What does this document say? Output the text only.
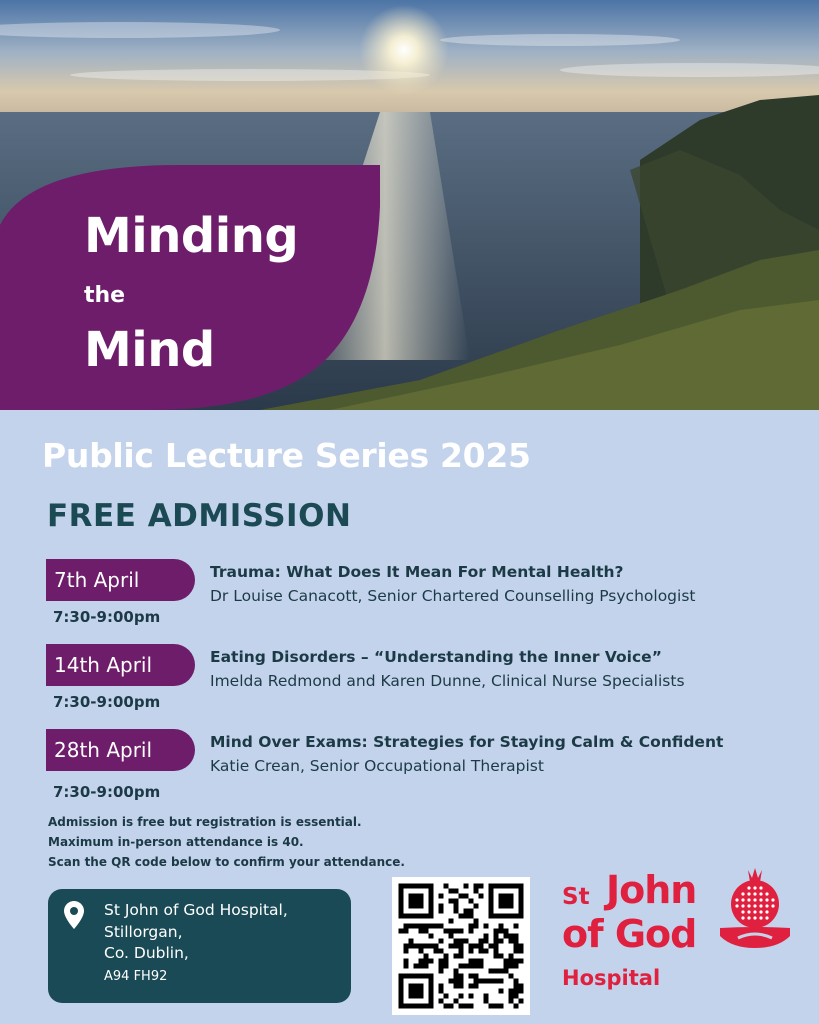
Minding
the
Mind
Public Lecture Series 2025
FREE ADMISSION
7th April
7:30-9:00pm
Trauma: What Does It Mean For Mental Health?
Dr Louise Canacott, Senior Chartered Counselling Psychologist
14th April
7:30-9:00pm
Eating Disorders – “Understanding the Inner Voice”
Imelda Redmond and Karen Dunne, Clinical Nurse Specialists
28th April
7:30-9:00pm
Mind Over Exams: Strategies for Staying Calm & Confident
Katie Crean, Senior Occupational Therapist
Admission is free but registration is essential.
Maximum in-person attendance is 40.
Scan the QR code below to confirm your attendance.
St John of God Hospital,
Stillorgan,
Co. Dublin,
A94 FH92
St John
of God
Hospital
